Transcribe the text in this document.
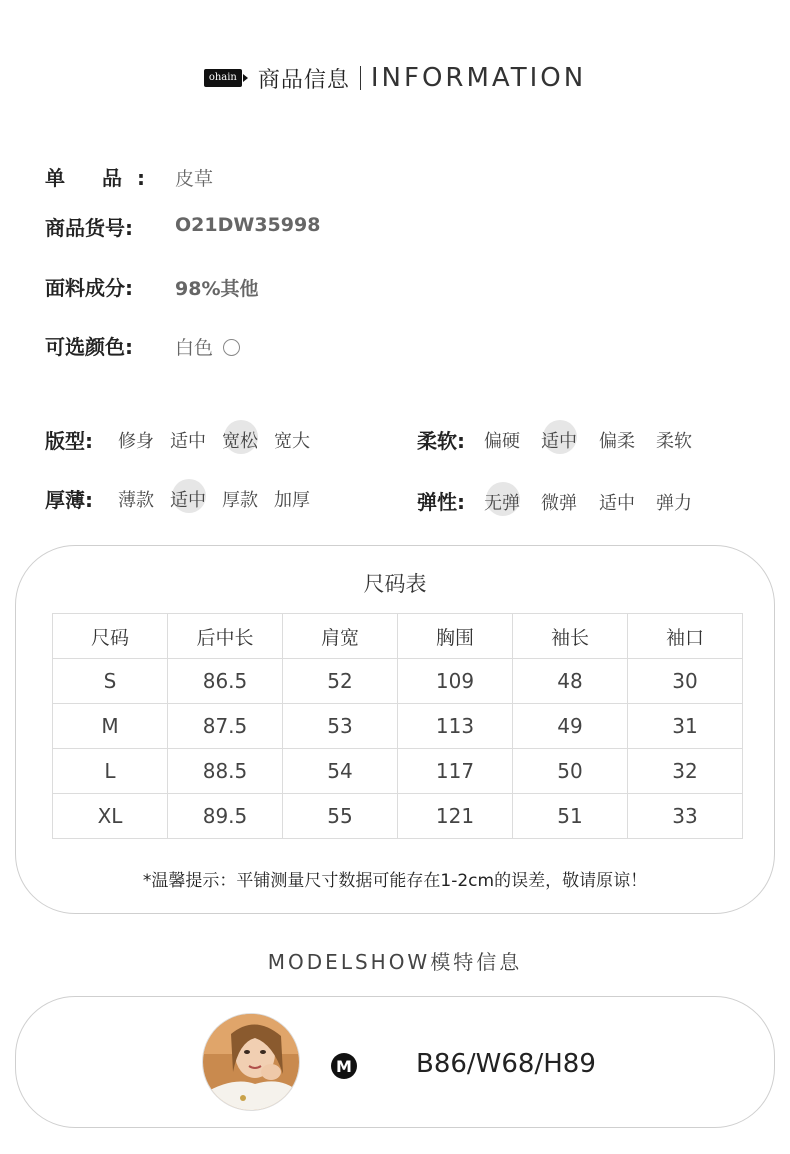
ohain 商品信息 INFORMATION
单 品: 皮草
商品货号: O21DW35998
面料成分: 98%其他
可选颜色: 白色
版型: 修身 适中 宽松 宽大	柔软: 偏硬 适中 偏柔 柔软
厚薄: 薄款 适中 厚款 加厚	弹性: 无弹 微弹 适中 弹力
尺码表
尺码	后中长	肩宽	胸围	袖长	袖口
S	86.5	52	109	48	30
M	87.5	53	113	49	31
L	88.5	54	117	50	32
XL	89.5	55	121	51	33
*温馨提示：平铺测量尺寸数据可能存在1-2cm的误差，敬请原谅！
MODELSHOW模特信息
M B86/W68/H89
